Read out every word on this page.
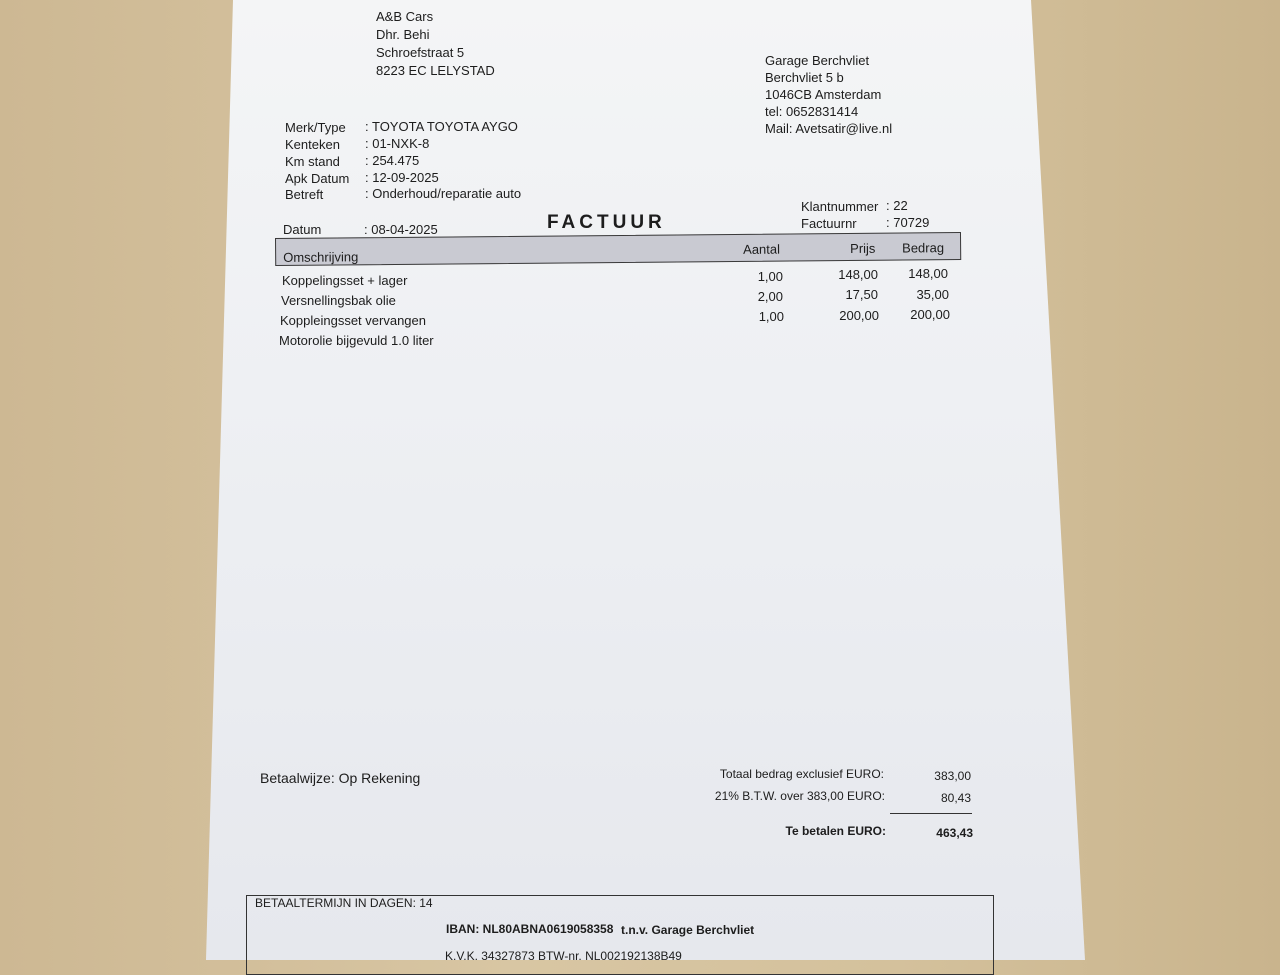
A&B Cars
Dhr. Behi
Schroefstraat 5
8223 EC LELYSTAD
Garage Berchvliet
Berchvliet 5 b
1046CB Amsterdam
tel: 0652831414
Mail: Avetsatir@live.nl
Merk/Type : TOYOTA TOYOTA AYGO
Kenteken : 01-NXK-8
Km stand : 254.475
Apk Datum : 12-09-2025
Betreft	: Onderhoud/reparatie auto
Klantnummer : 22
Factuurnr : 70729
Datum	: 08-04-2025	FACTUUR
Omschrijving
Aantal	Prijs Bedrag
Koppelingsset + lager	1,00	148,00	148,00
Versnellingsbak olie	2,00	17,50	35,00
Koppleingsset vervangen	1,00	200,00	200,00
Motorolie bijgevuld 1.0 liter
Betaalwijze: Op Rekening	Totaal bedrag exclusief EURO:	383,00
21% B.T.W. over 383,00 EURO:	80,43
Te betalen EURO:	463,43
BETAALTERMIJN IN DAGEN: 14
IBAN: NL80ABNA0619058358 t.n.v. Garage Berchvliet
K.V.K. 34327873 BTW-nr. NL002192138B49
